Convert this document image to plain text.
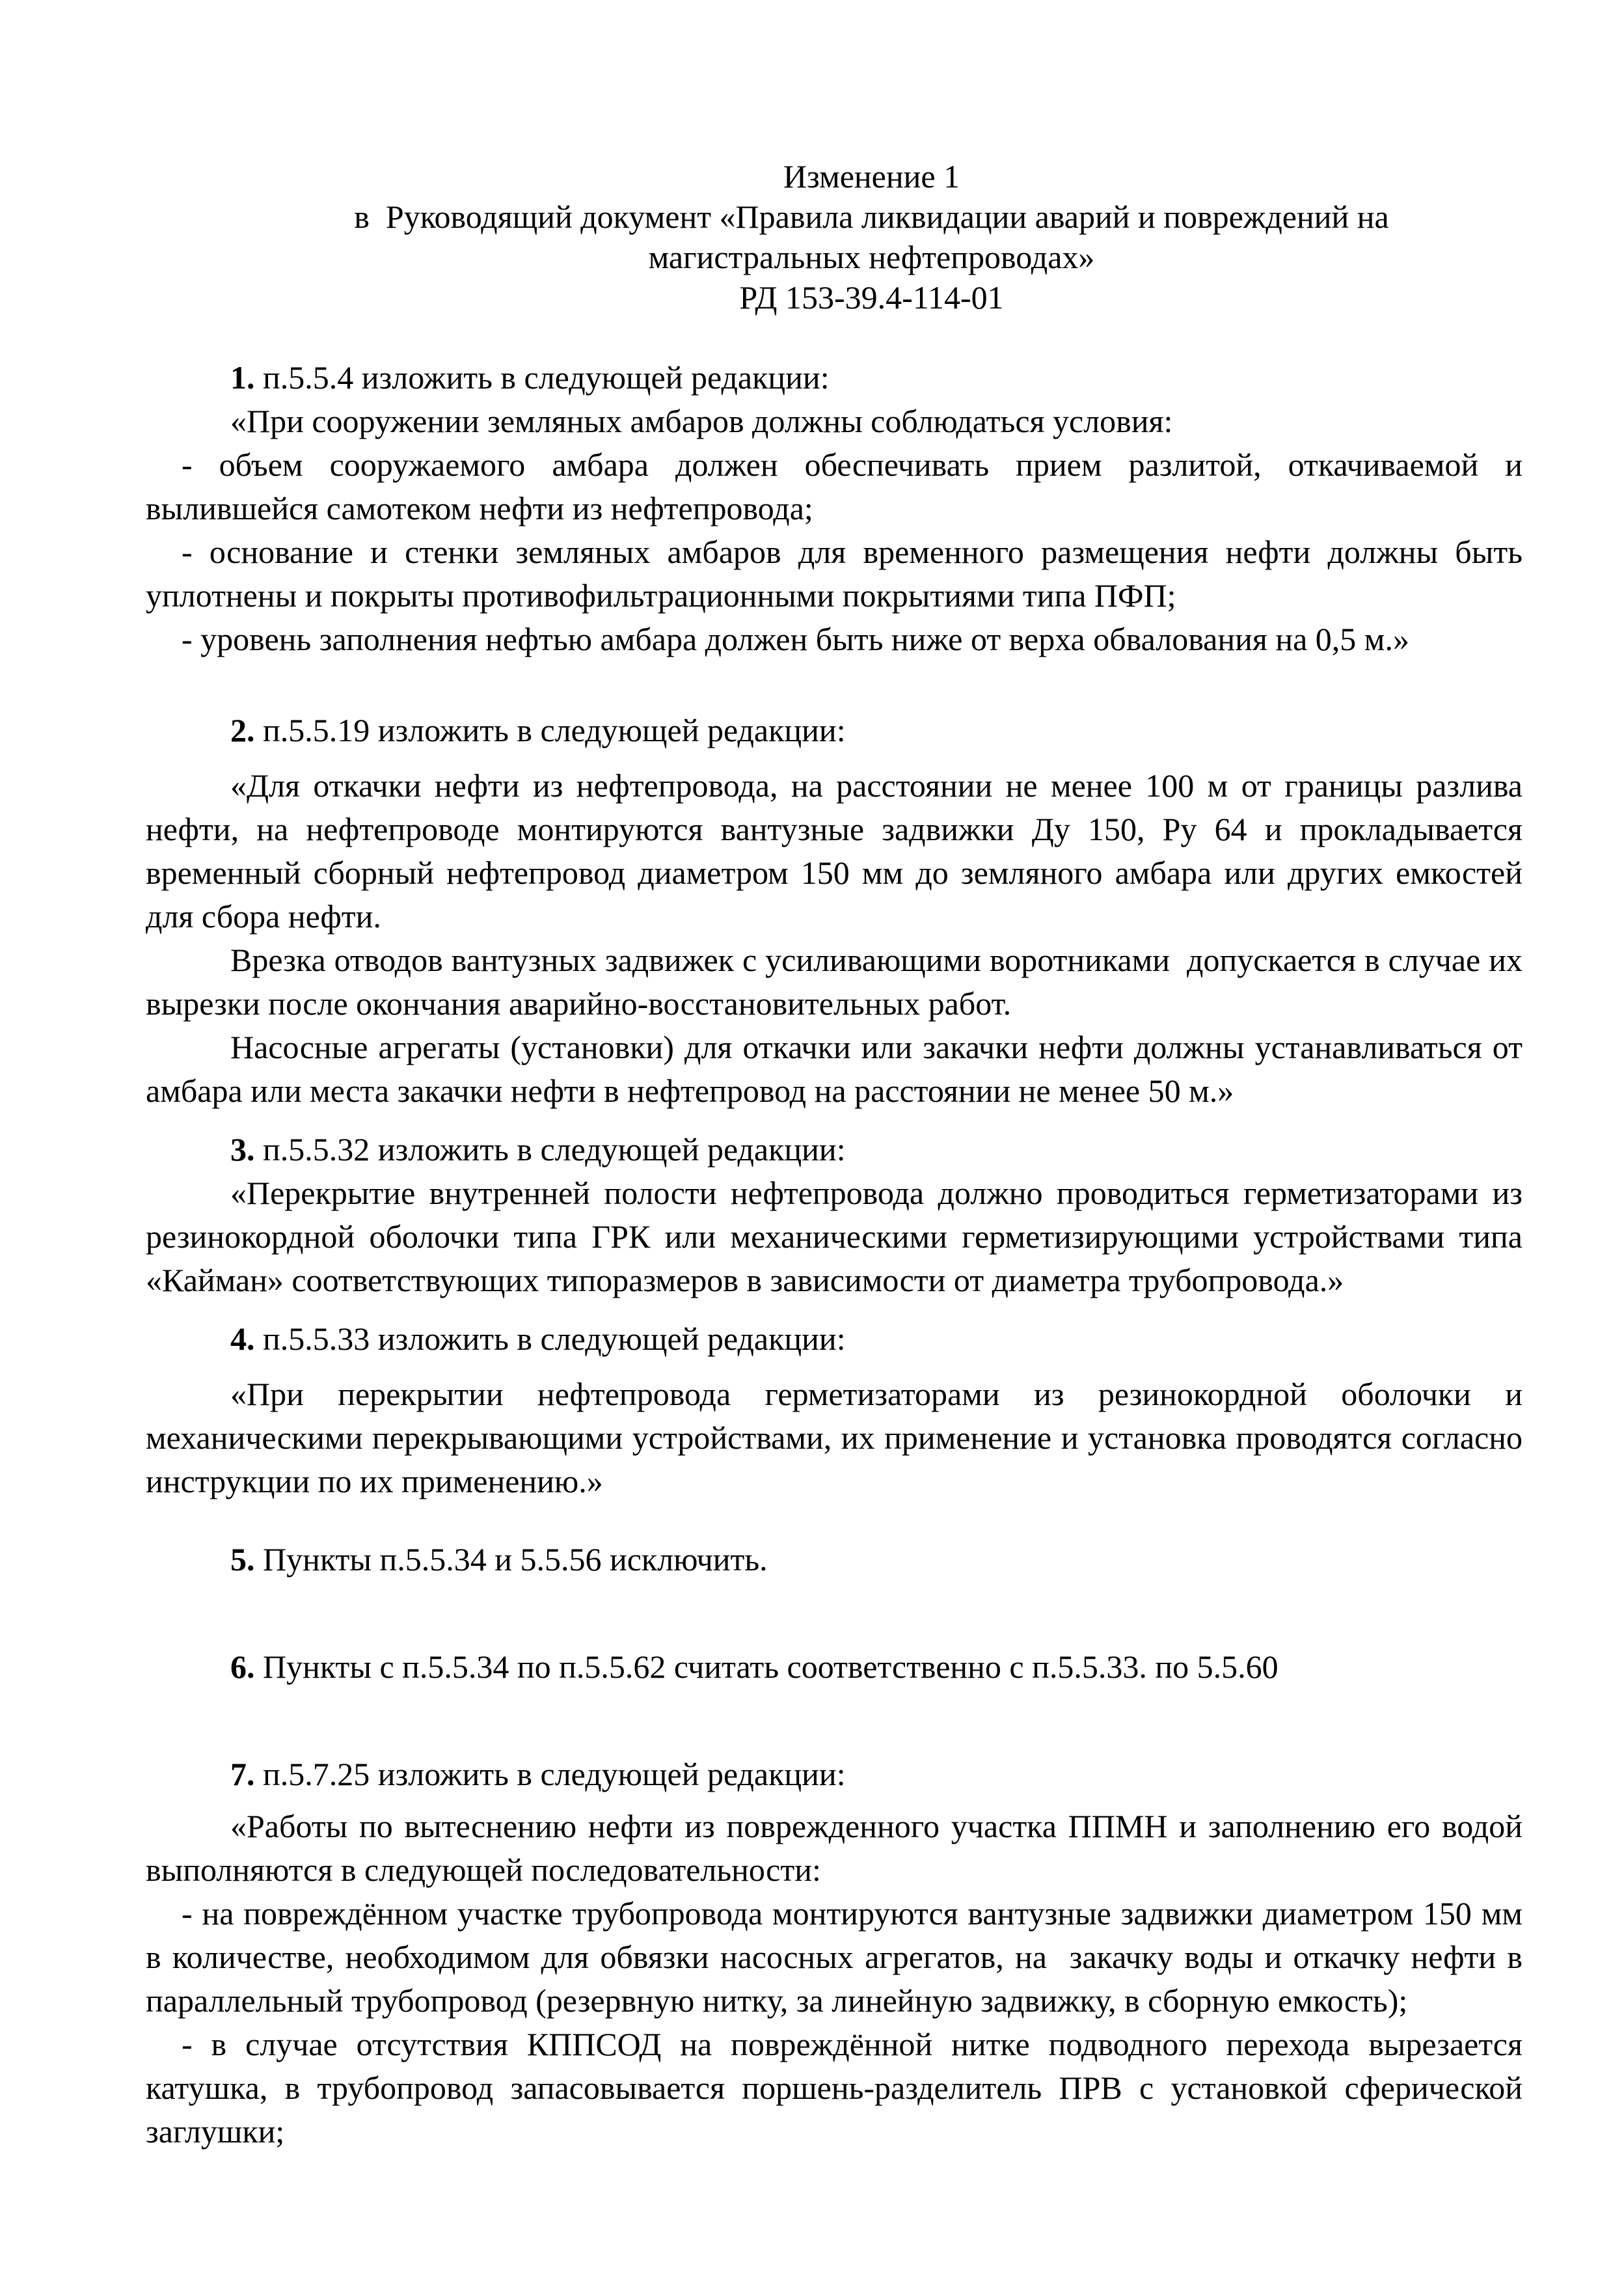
Изменение 1
в  Руководящий документ «Правила ликвидации аварий и повреждений на
магистральных нефтепроводах»
РД 153-39.4-114-01
1. п.5.5.4 изложить в следующей редакции:
«При сооружении земляных амбаров должны соблюдаться условия:
- объем сооружаемого амбара должен обеспечивать прием разлитой, откачиваемой и
вылившейся самотеком нефти из нефтепровода;
- основание и стенки земляных амбаров для временного размещения нефти должны быть
уплотнены и покрыты противофильтрационными покрытиями типа ПФП;
- уровень заполнения нефтью амбара должен быть ниже от верха обвалования на 0,5 м.»
2. п.5.5.19 изложить в следующей редакции:
«Для откачки нефти из нефтепровода, на расстоянии не менее 100 м от границы разлива
нефти, на нефтепроводе монтируются вантузные задвижки Ду 150, Ру 64 и прокладывается
временный сборный нефтепровод диаметром 150 мм до земляного амбара или других емкостей
для сбора нефти.
Врезка отводов вантузных задвижек с усиливающими воротниками  допускается в случае их
вырезки после окончания аварийно-восстановительных работ.
Насосные агрегаты (установки) для откачки или закачки нефти должны устанавливаться от
амбара или места закачки нефти в нефтепровод на расстоянии не менее 50 м.»
3. п.5.5.32 изложить в следующей редакции:
«Перекрытие внутренней полости нефтепровода должно проводиться герметизаторами из
резинокордной оболочки типа ГРК или механическими герметизирующими устройствами типа
«Кайман» соответствующих типоразмеров в зависимости от диаметра трубопровода.»
4. п.5.5.33 изложить в следующей редакции:
«При перекрытии нефтепровода герметизаторами из резинокордной оболочки и
механическими перекрывающими устройствами, их применение и установка проводятся согласно
инструкции по их применению.»
5. Пункты п.5.5.34 и 5.5.56 исключить.
6. Пункты с п.5.5.34 по п.5.5.62 считать соответственно с п.5.5.33. по 5.5.60
7. п.5.7.25 изложить в следующей редакции:
«Работы по вытеснению нефти из поврежденного участка ППМН и заполнению его водой
выполняются в следующей последовательности:
- на повреждённом участке трубопровода монтируются вантузные задвижки диаметром 150 мм
в количестве, необходимом для обвязки насосных агрегатов, на  закачку воды и откачку нефти в
параллельный трубопровод (резервную нитку, за линейную задвижку, в сборную емкость);
- в случае отсутствия КППСОД на повреждённой нитке подводного перехода вырезается
катушка, в трубопровод запасовывается поршень-разделитель ПРВ с установкой сферической
заглушки;
